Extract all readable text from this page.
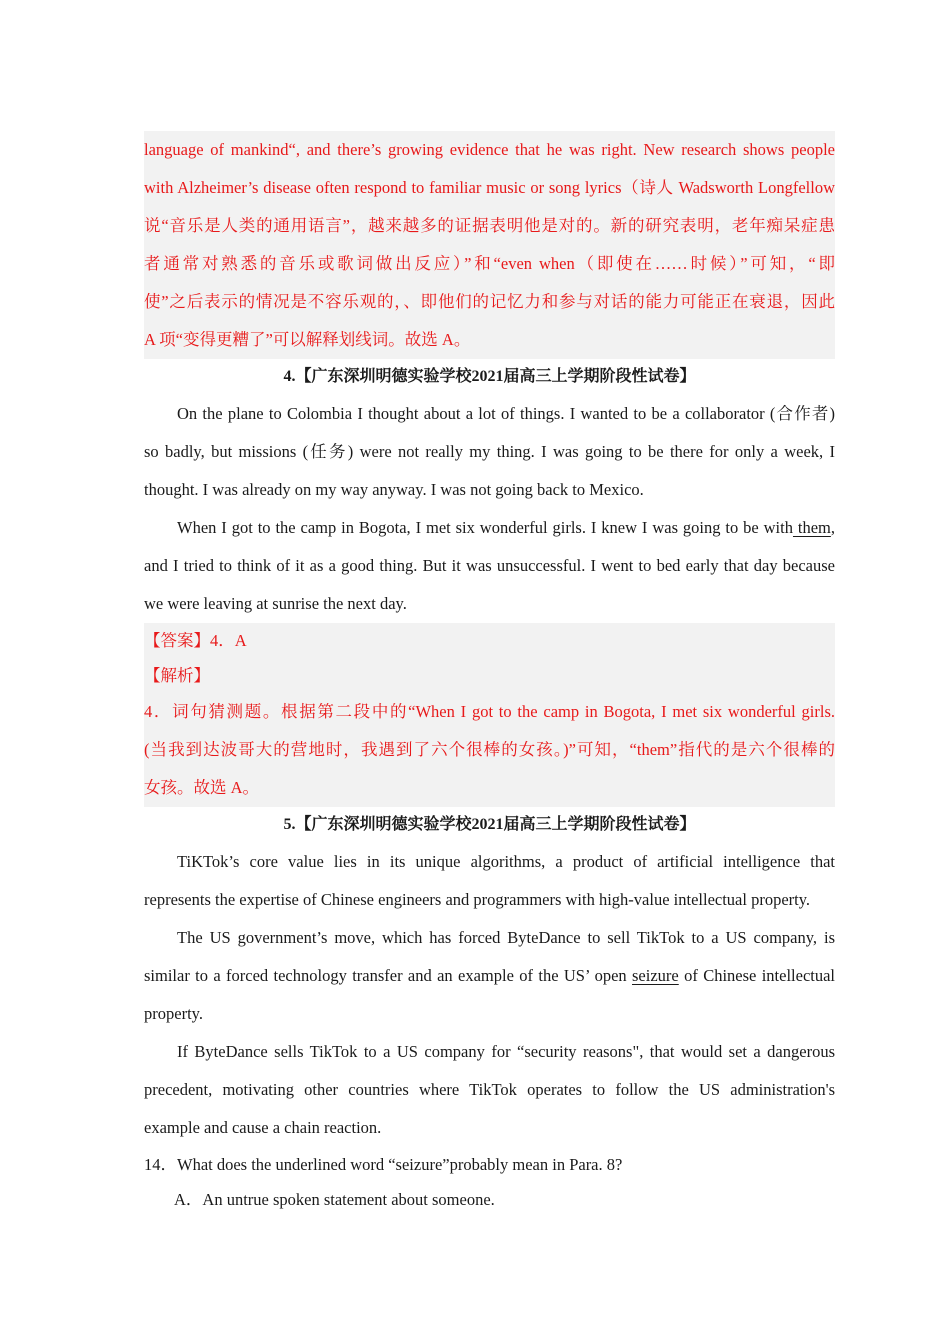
language of mankind“, and there’s growing evidence that he was right. New research shows people
with Alzheimer’s disease often respond to familiar music or song lyrics（诗人 Wadsworth Longfellow
说“音乐是人类的通用语言”，越来越多的证据表明他是对的。新的研究表明，老年痴呆症患
者通常对熟悉的音乐或歌词做出反应）”和“even when（即使在……时候）”可知，“即
使”之后表示的情况是不容乐观的，、即他们的记忆力和参与对话的能力可能正在衰退，因此
A 项“变得更糟了”可以解释划线词。故选 A。
4.【广东深圳明德实验学校2021届高三上学期阶段性试卷】
On the plane to Colombia I thought about a lot of things. I wanted to be a collaborator (合作者)
so badly, but missions (任务) were not really my thing. I was going to be there for only a week, I
thought. I was already on my way anyway. I was not going back to Mexico.
When I got to the camp in Bogota, I met six wonderful girls. I knew I was going to be with them,
and I tried to think of it as a good thing. But it was unsuccessful. I went to bed early that day because
we were leaving at sunrise the next day.
【答案】4．A
【解析】
4．词句猜测题。根据第二段中的“When I got to the camp in Bogota, I met six wonderful girls.
(当我到达波哥大的营地时，我遇到了六个很棒的女孩。)”可知，“them”指代的是六个很棒的
女孩。故选 A。
5.【广东深圳明德实验学校2021届高三上学期阶段性试卷】
TiKTok’s core value lies in its unique algorithms, a product of artificial intelligence that
represents the expertise of Chinese engineers and programmers with high-value intellectual property.
The US government’s move, which has forced ByteDance to sell TikTok to a US company, is
similar to a forced technology transfer and an example of the US’ open seizure of Chinese intellectual
property.
If ByteDance sells TikTok to a US company for “security reasons", that would set a dangerous
precedent, motivating other countries where TikTok operates to follow the US administration's
example and cause a chain reaction.
14．What does the underlined word “seizure”probably mean in Para. 8?
A．An untrue spoken statement about someone.
